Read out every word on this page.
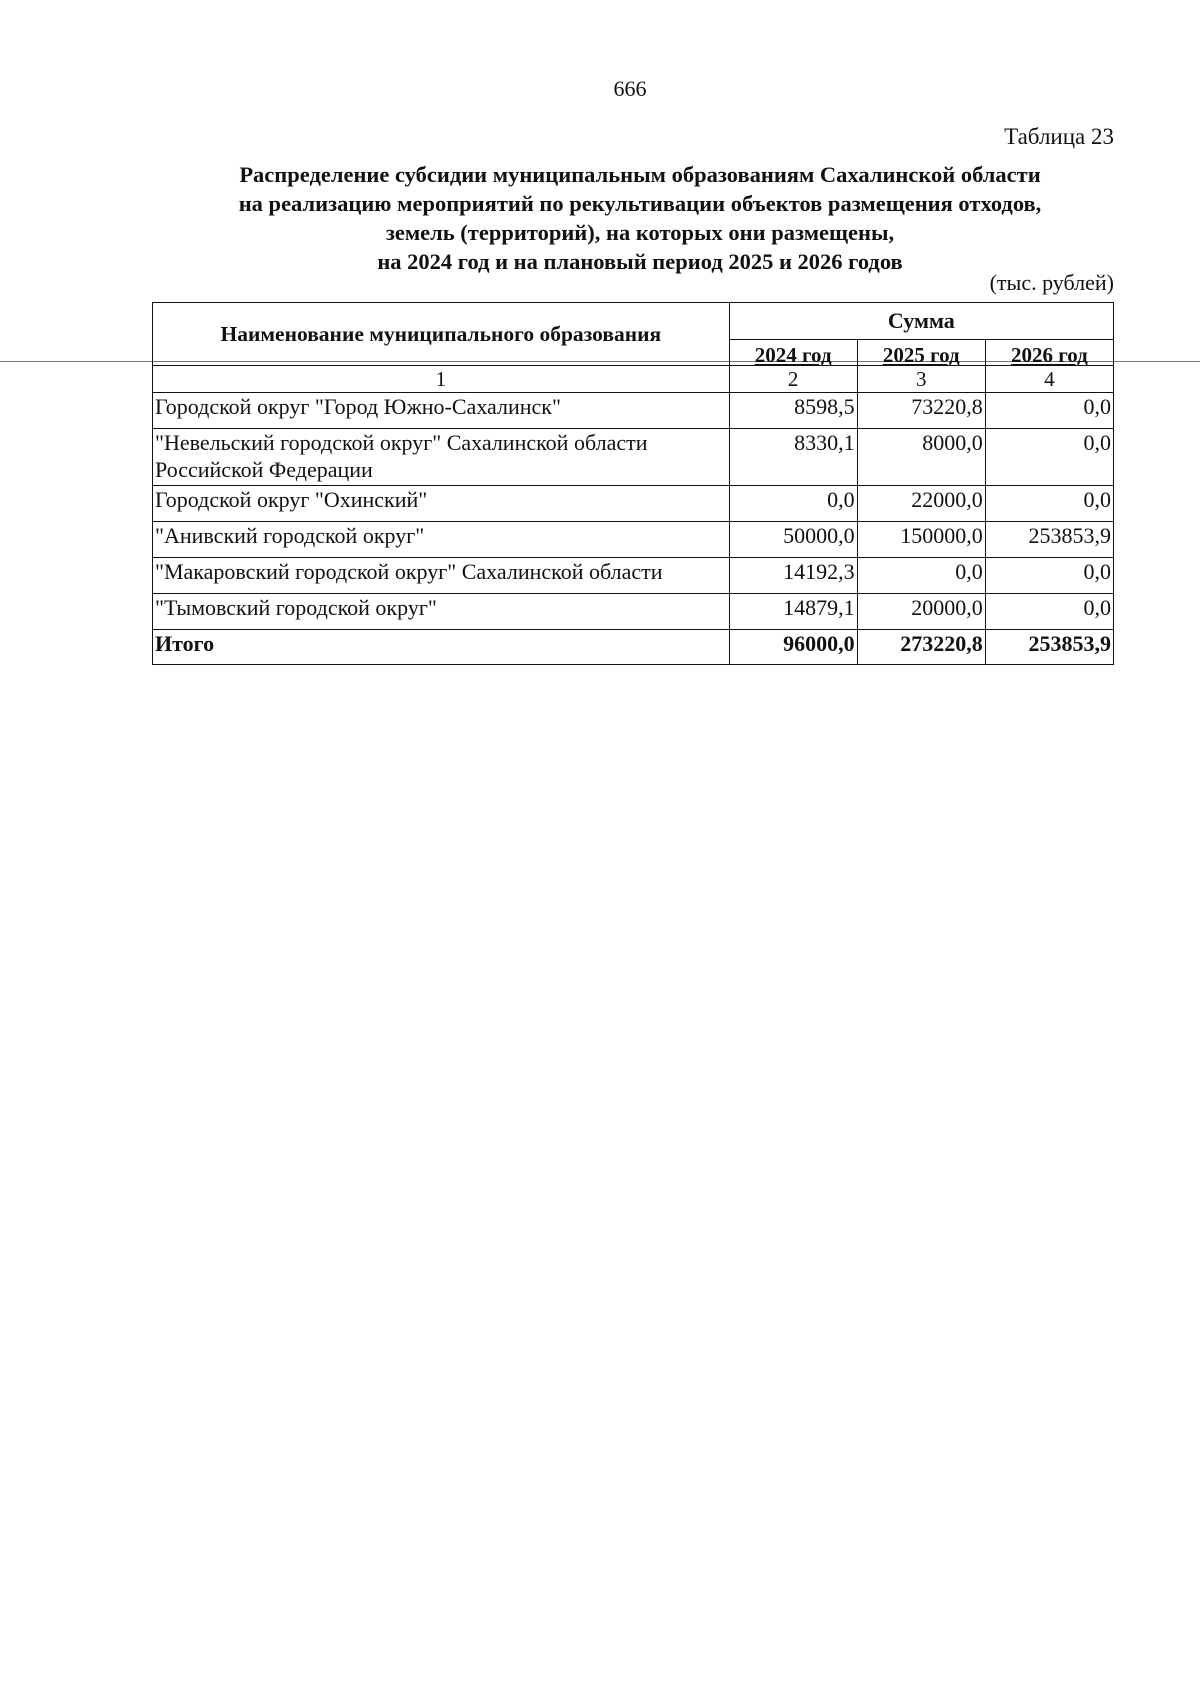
666
Таблица 23
Распределение субсидии муниципальным образованиям Сахалинской области
на реализацию мероприятий по рекультивации объектов размещения отходов,
земель (территорий), на которых они размещены,
на 2024 год и на плановый период 2025 и 2026 годов
(тыс. рублей)
Наименование муниципального образования	Сумма		
	2024 год	2025 год	2026 год
1	2	3	4
Городской округ "Город Южно-Сахалинск"	8598,5	73220,8	0,0
"Невельский городской округ" Сахалинской области Российской Федерации	8330,1	8000,0	0,0
Городской округ "Охинский"	0,0	22000,0	0,0
"Анивский городской округ"	50000,0	150000,0	253853,9
"Макаровский городской округ" Сахалинской области	14192,3	0,0	0,0
"Тымовский городской округ"	14879,1	20000,0	0,0
Итого	96000,0	273220,8	253853,9
